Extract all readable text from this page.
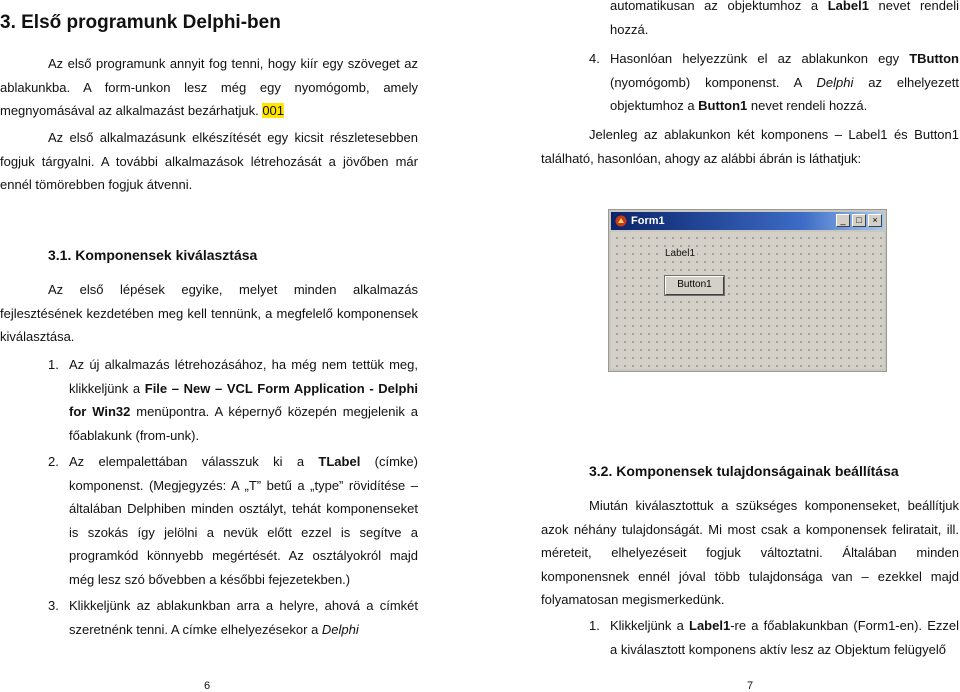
3. Első programunk Delphi-ben

Az első programunk annyit fog tenni, hogy kiír egy szöveget az ablakunkba. A form-unkon lesz még egy nyomógomb, amely megnyomásával az alkalmazást bezárhatjuk. 001

Az első alkalmazásunk elkészítését egy kicsit részletesebben fogjuk tárgyalni. A további alkalmazások létrehozását a jövőben már ennél tömörebben fogjuk átvenni.

3.1. Komponensek kiválasztása

Az első lépések egyike, melyet minden alkalmazás fejlesztésének kezdetében meg kell tennünk, a megfelelő komponensek kiválasztása.

1. Az új alkalmazás létrehozásához, ha még nem tettük meg, klikkeljünk a File – New – VCL Form Application - Delphi for Win32 menüpontra. A képernyő közepén megjelenik a főablakunk (from-unk).
2. Az elempalettában válasszuk ki a TLabel (címke) komponenst. (Megjegyzés: A „T” betű a „type” rövidítése – általában Delphiben minden osztályt, tehát komponenseket is szokás így jelölni a nevük előtt ezzel is segítve a programkód könnyebb megértését. Az osztályokról majd még lesz szó bővebben a későbbi fejezetekben.)
3. Klikkeljünk az ablakunkban arra a helyre, ahová a címkét szeretnénk tenni. A címke elhelyezésekor a Delphi
6
automatikusan az objektumhoz a Label1 nevet rendeli hozzá.
4. Hasonlóan helyezzünk el az ablakunkon egy TButton (nyomógomb) komponenst. A Delphi az elhelyezett objektumhoz a Button1 nevet rendeli hozzá.

Jelenleg az ablakunkon két komponens – Label1 és Button1 található, hasonlóan, ahogy az alábbi ábrán is láthatjuk:

3.2. Komponensek tulajdonságainak beállítása

Miután kiválasztottuk a szükséges komponenseket, beállítjuk azok néhány tulajdonságát. Mi most csak a komponensek feliratait, ill. méreteit, elhelyezéseit fogjuk változtatni. Általában minden komponensnek ennél jóval több tulajdonsága van – ezekkel majd folyamatosan megismerkedünk.

1. Klikkeljünk a Label1-re a főablakunkban (Form1-en). Ezzel a kiválasztott komponens aktív lesz az Objektum felügyelő
7
Form1	_	□	×
Label1
Button1
